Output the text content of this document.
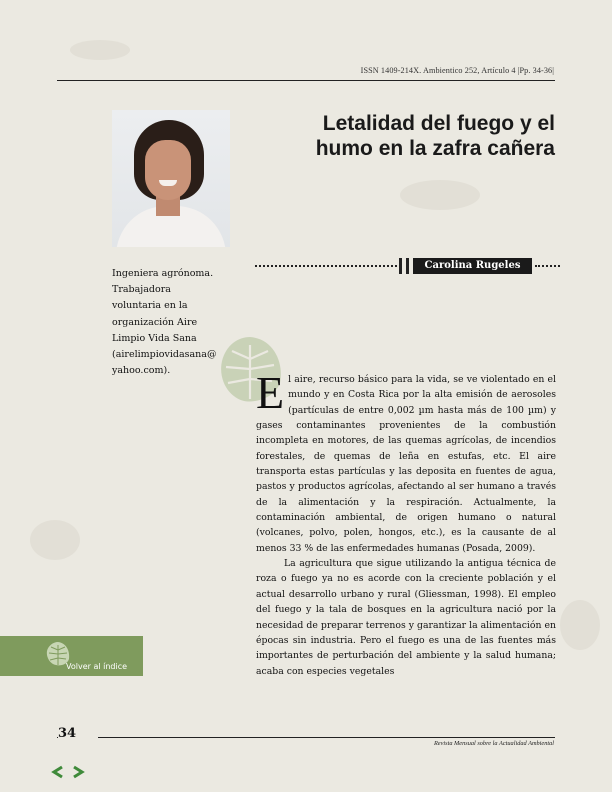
ISSN 1409-214X. Ambientico 252, Artículo 4 |Pp. 34-36|
Letalidad del fuego y el
humo en la zafra cañera
Carolina Rugeles

Ingeniera agrónoma.
Trabajadora
voluntaria en la
organización Aire
Limpio Vida Sana
(airelimpiovidasana@
yahoo.com).	El aire, recurso básico para la vida, se ve violentado en el mundo y en Costa Rica por la alta emisión de aerosoles (partículas de entre 0,002 µm hasta más de 100 µm) y gases contaminantes provenientes de la combustión incompleta en motores, de las quemas agrícolas, de incendios forestales, de quemas de leña en estufas, etc. El aire transporta estas partículas y las deposita en fuentes de agua, pastos y productos agrícolas, afectando al ser humano a través de la alimentación y la respiración. Actualmente, la contaminación ambiental, de origen humano o natural (volcanes, polvo, polen, hongos, etc.), es la causante de al menos 33 % de las enfermedades humanas (Posada, 2009).

La agricultura que sigue utilizando la antigua técnica de roza o fuego ya no es acorde con la creciente población y el actual desarrollo urbano y rural (Gliessman, 1998). El empleo del fuego y la tala de bosques en la agricultura nació por la necesidad de preparar terrenos y garantizar la alimentación en épocas sin industria. Pero el fuego es una de las fuentes más importantes de perturbación del ambiente y la salud humana; acaba con especies vegetales

Volver al índice
34
Revista Mensual sobre la Actualidad Ambiental
